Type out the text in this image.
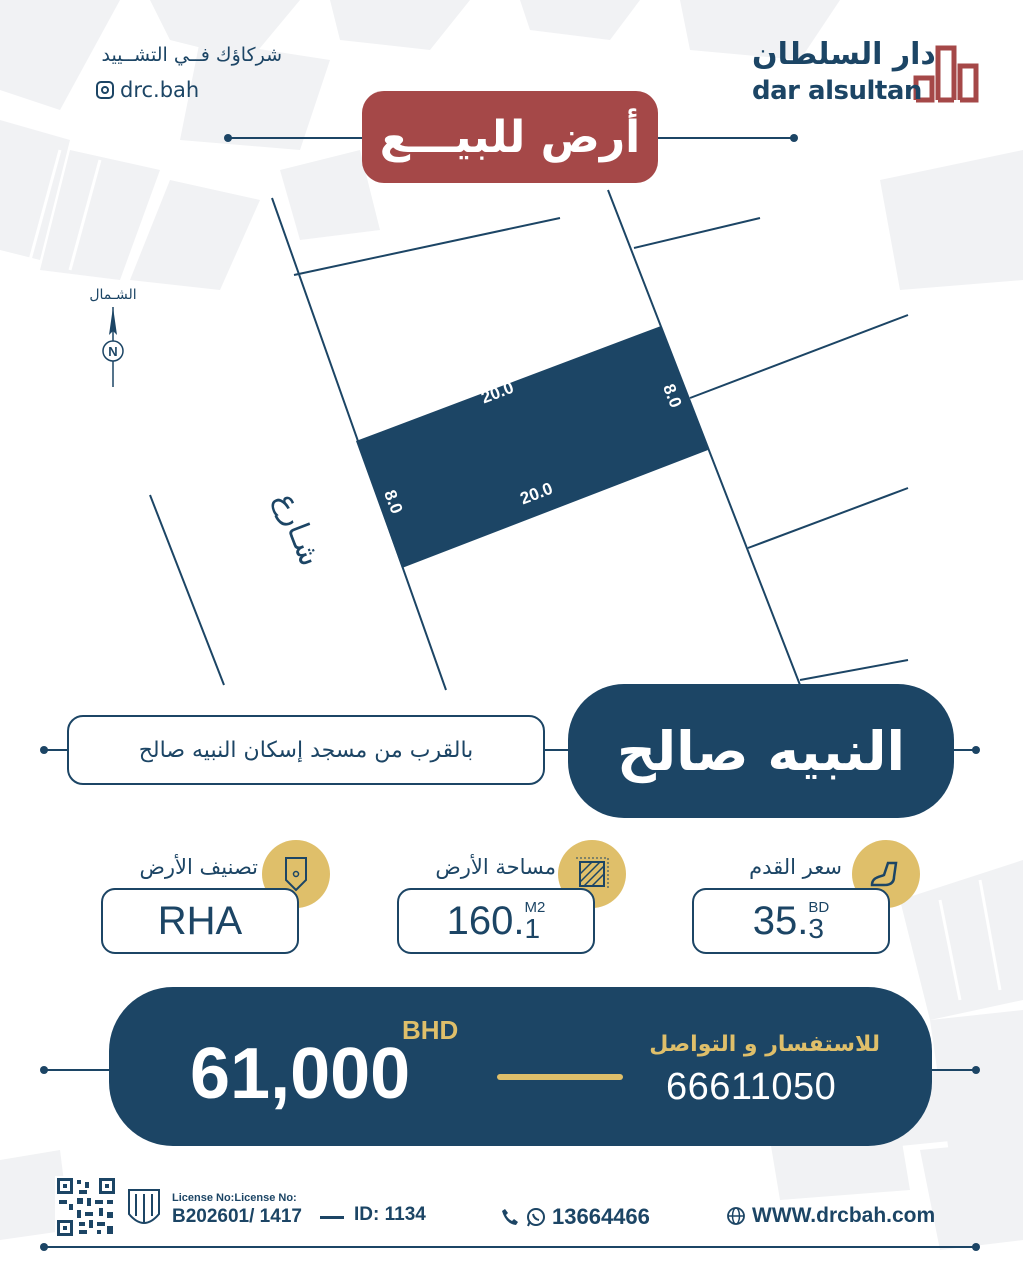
دار السلطان
dar alsultan
شركاؤك فــي التشــييد
drc.bah
أرض للبيـــع
20.0
20.0
8.0
8.0
شـارع
الشـمال
N
بالقرب من مسجد إسكان النبيه صالح	النبيه صالح
سعر القدم
35. BD
3
مساحة الأرض
160. M2
1
تصنيف الأرض
RHA
BHD
61,000	للاستفسار و التواصل
66611050
License No:License No:
B202601/ 1417	ID: 1134	13664466	WWW.drcbah.com
